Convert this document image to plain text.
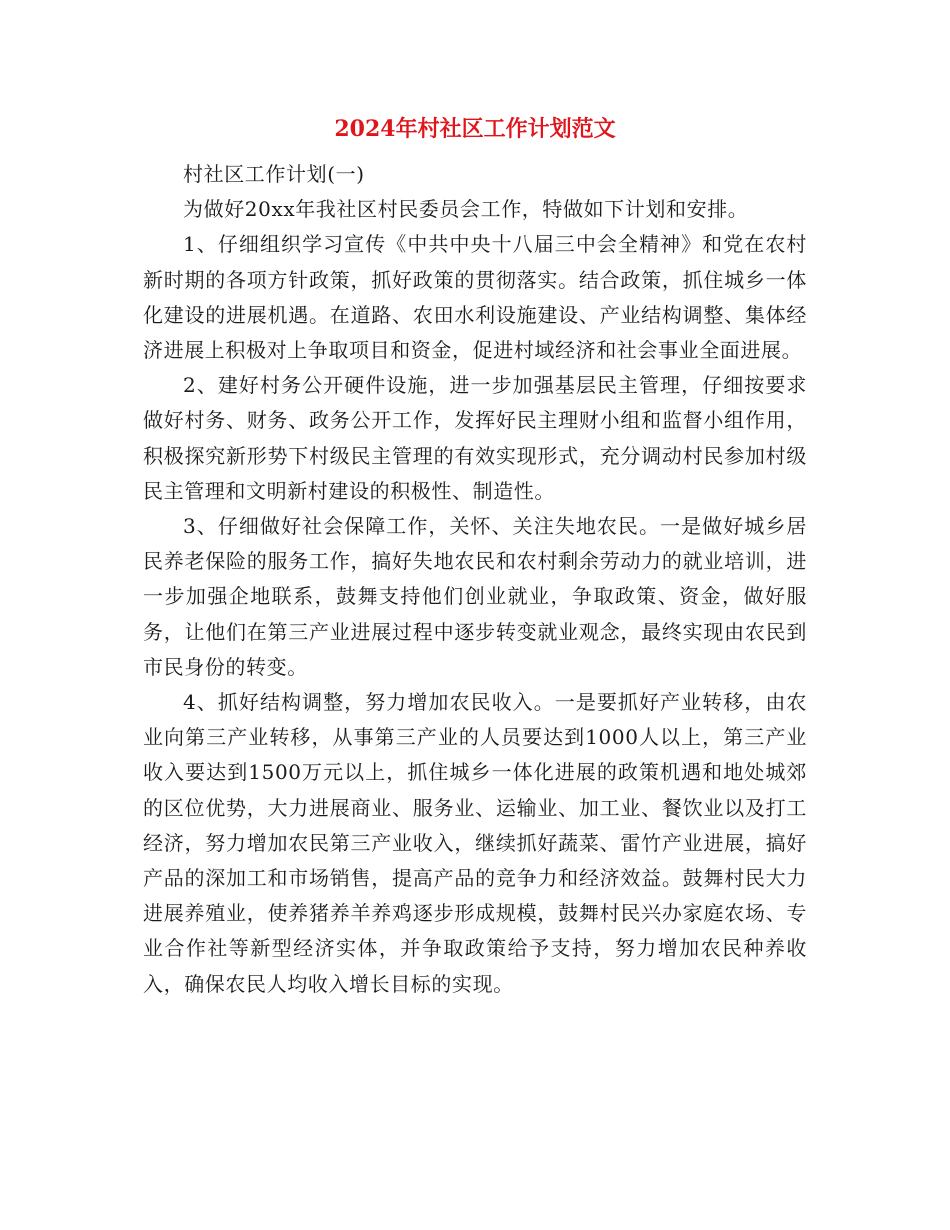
2024年村社区工作计划范文

村社区工作计划(一)

为做好20xx年我社区村民委员会工作，特做如下计划和安排。

1、仔细组织学习宣传《中共中央十八届三中会全精神》和党在农村新时期的各项方针政策，抓好政策的贯彻落实。结合政策，抓住城乡一体化建设的进展机遇。在道路、农田水利设施建设、产业结构调整、集体经济进展上积极对上争取项目和资金，促进村域经济和社会事业全面进展。

2、建好村务公开硬件设施，进一步加强基层民主管理，仔细按要求做好村务、财务、政务公开工作，发挥好民主理财小组和监督小组作用，积极探究新形势下村级民主管理的有效实现形式，充分调动村民参加村级民主管理和文明新村建设的积极性、制造性。

3、仔细做好社会保障工作，关怀、关注失地农民。一是做好城乡居民养老保险的服务工作，搞好失地农民和农村剩余劳动力的就业培训，进一步加强企地联系，鼓舞支持他们创业就业，争取政策、资金，做好服务，让他们在第三产业进展过程中逐步转变就业观念，最终实现由农民到市民身份的转变。

4、抓好结构调整，努力增加农民收入。一是要抓好产业转移，由农业向第三产业转移，从事第三产业的人员要达到1000人以上，第三产业收入要达到1500万元以上，抓住城乡一体化进展的政策机遇和地处城郊的区位优势，大力进展商业、服务业、运输业、加工业、餐饮业以及打工经济，努力增加农民第三产业收入，继续抓好蔬菜、雷竹产业进展，搞好产品的深加工和市场销售，提高产品的竞争力和经济效益。鼓舞村民大力进展养殖业，使养猪养羊养鸡逐步形成规模，鼓舞村民兴办家庭农场、专业合作社等新型经济实体，并争取政策给予支持，努力增加农民种养收入，确保农民人均收入增长目标的实现。
